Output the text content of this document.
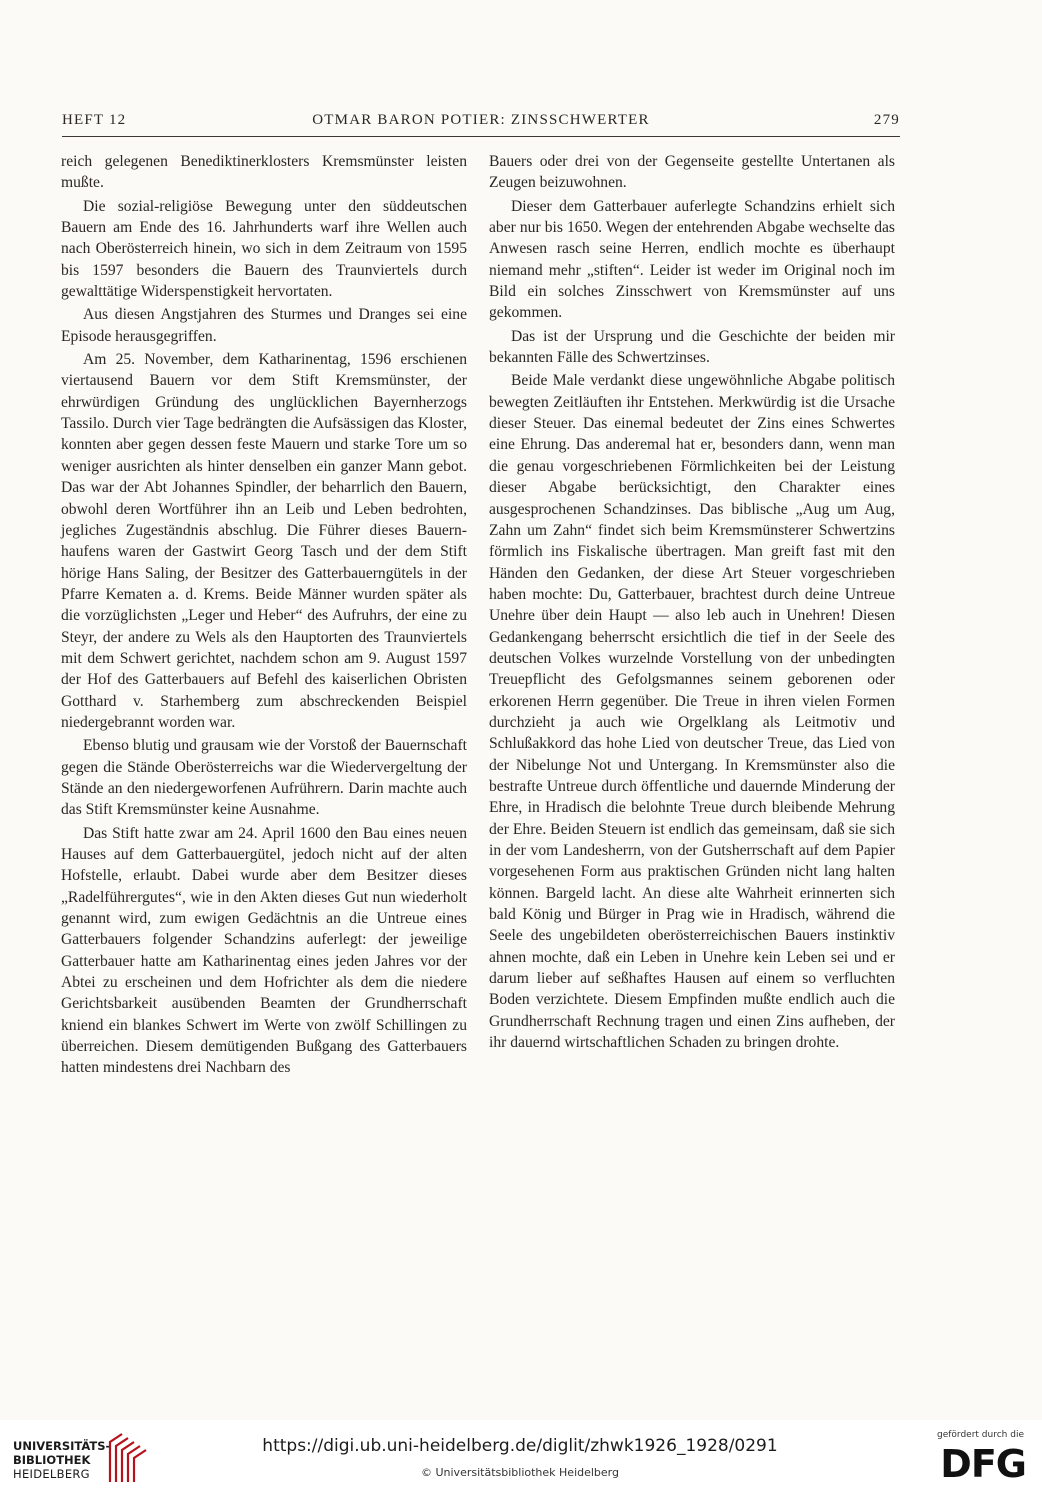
HEFT 12	OTMAR BARON POTIER: ZINSSCHWERTER	279

reich gelegenen Benediktinerklosters Kremsmünster leisten mußte.

Die sozial-religiöse Bewegung unter den süddeutschen Bauern am Ende des 16. Jahrhunderts warf ihre Wellen auch nach Oberösterreich hinein, wo sich in dem Zeitraum von 1595 bis 1597 besonders die Bauern des Traunviertels durch gewalttätige Widerspenstigkeit hervortaten.

Aus diesen Angstjahren des Sturmes und Dranges sei eine Episode herausgegriffen.

Am 25. November, dem Katharinentag, 1596 erschienen viertausend Bauern vor dem Stift Kremsmünster, der ehrwürdigen Gründung des unglücklichen Bayernherzogs Tassilo. Durch vier Tage bedrängten die Aufsässigen das Kloster, konnten aber gegen dessen feste Mauern und starke Tore um so weniger ausrichten als hinter denselben ein ganzer Mann gebot. Das war der Abt Johannes Spindler, der beharrlich den Bauern, obwohl deren Wortführer ihn an Leib und Leben bedrohten, jegliches Zugeständnis abschlug. Die Führer dieses Bauernhaufens waren der Gastwirt Georg Tasch und der dem Stift hörige Hans Saling, der Besitzer des Gatterbauerngütels in der Pfarre Kematen a. d. Krems. Beide Männer wurden später als die vorzüglichsten „Leger und Heber“ des Aufruhrs, der eine zu Steyr, der andere zu Wels als den Hauptorten des Traunviertels mit dem Schwert gerichtet, nachdem schon am 9. August 1597 der Hof des Gatterbauers auf Befehl des kaiserlichen Obristen Gotthard v. Starhemberg zum abschreckenden Beispiel niedergebrannt worden war.

Ebenso blutig und grausam wie der Vorstoß der Bauernschaft gegen die Stände Oberösterreichs war die Wiedervergeltung der Stände an den niedergeworfenen Aufrührern. Darin machte auch das Stift Kremsmünster keine Ausnahme.

Das Stift hatte zwar am 24. April 1600 den Bau eines neuen Hauses auf dem Gatterbauergütel, jedoch nicht auf der alten Hofstelle, erlaubt. Dabei wurde aber dem Besitzer dieses „Radelführergutes“, wie in den Akten dieses Gut nun wiederholt genannt wird, zum ewigen Gedächtnis an die Untreue eines Gatterbauers folgender Schandzins auferlegt: der jeweilige Gatterbauer hatte am Katharinentag eines jeden Jahres vor der Abtei zu erscheinen und dem Hofrichter als dem die niedere Gerichtsbarkeit ausübenden Beamten der Grundherrschaft kniend ein blankes Schwert im Werte von zwölf Schillingen zu überreichen. Diesem demütigenden Bußgang des Gatterbauers hatten mindestens drei Nachbarn des

Bauers oder drei von der Gegenseite gestellte Untertanen als Zeugen beizuwohnen.

Dieser dem Gatterbauer auferlegte Schandzins erhielt sich aber nur bis 1650. Wegen der entehrenden Abgabe wechselte das Anwesen rasch seine Herren, endlich mochte es überhaupt niemand mehr „stiften“. Leider ist weder im Original noch im Bild ein solches Zinsschwert von Kremsmünster auf uns gekommen.

Das ist der Ursprung und die Geschichte der beiden mir bekannten Fälle des Schwertzinses.

Beide Male verdankt diese ungewöhnliche Abgabe politisch bewegten Zeitläuften ihr Entstehen. Merkwürdig ist die Ursache dieser Steuer. Das einemal bedeutet der Zins eines Schwertes eine Ehrung. Das anderemal hat er, besonders dann, wenn man die genau vorgeschriebenen Förmlichkeiten bei der Leistung dieser Abgabe berücksichtigt, den Charakter eines ausgesprochenen Schandzinses. Das biblische „Aug um Aug, Zahn um Zahn“ findet sich beim Kremsmünsterer Schwertzins förmlich ins Fiskalische übertragen. Man greift fast mit den Händen den Gedanken, der diese Art Steuer vorgeschrieben haben mochte: Du, Gatterbauer, brachtest durch deine Untreue Unehre über dein Haupt — also leb auch in Unehren! Diesen Gedankengang beherrscht ersichtlich die tief in der Seele des deutschen Volkes wurzelnde Vorstellung von der unbedingten Treuepflicht des Gefolgsmannes seinem geborenen oder erkorenen Herrn gegenüber. Die Treue in ihren vielen Formen durchzieht ja auch wie Orgelklang als Leitmotiv und Schlußakkord das hohe Lied von deutscher Treue, das Lied von der Nibelunge Not und Untergang. In Kremsmünster also die bestrafte Untreue durch öffentliche und dauernde Minderung der Ehre, in Hradisch die belohnte Treue durch bleibende Mehrung der Ehre. Beiden Steuern ist endlich das gemeinsam, daß sie sich in der vom Landesherrn, von der Gutsherrschaft auf dem Papier vorgesehenen Form aus praktischen Gründen nicht lang halten können. Bargeld lacht. An diese alte Wahrheit erinnerten sich bald König und Bürger in Prag wie in Hradisch, während die Seele des ungebildeten oberösterreichischen Bauers instinktiv ahnen mochte, daß ein Leben in Unehre kein Leben sei und er darum lieber auf seßhaftes Hausen auf einem so verfluchten Boden verzichtete. Diesem Empfinden mußte endlich auch die Grundherrschaft Rechnung tragen und einen Zins aufheben, der ihr dauernd wirtschaftlichen Schaden zu bringen drohte.

UNIVERSITÄTS-
BIBLIOTHEK
HEIDELBERG
https://digi.ub.uni-heidelberg.de/diglit/zhwk1926_1928/0291
© Universitätsbibliothek Heidelberg
gefördert durch die
DFG
